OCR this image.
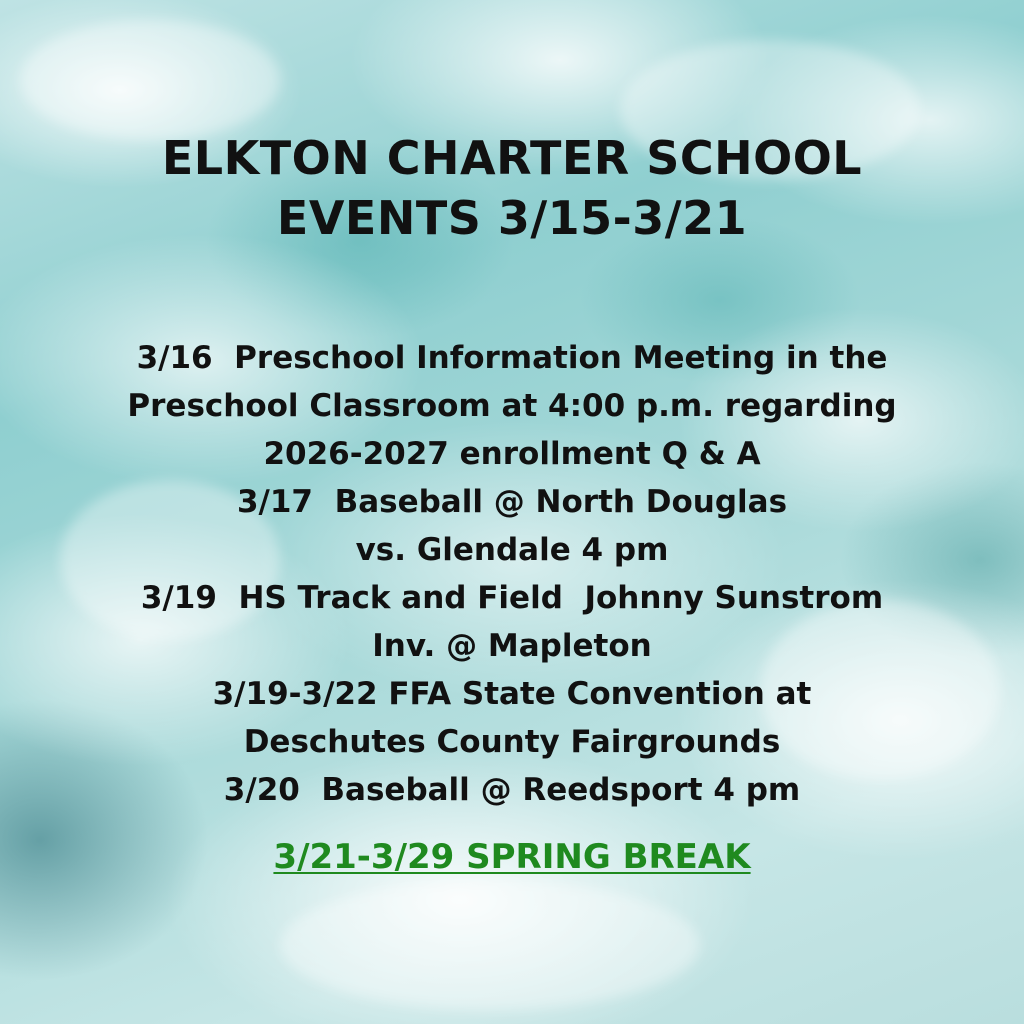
ELKTON CHARTER SCHOOL
EVENTS 3/15-3/21
3/16  Preschool Information Meeting in the
Preschool Classroom at 4:00 p.m. regarding
2026-2027 enrollment Q & A
3/17  Baseball @ North Douglas
vs. Glendale 4 pm
3/19  HS Track and Field  Johnny Sunstrom
Inv. @ Mapleton
3/19-3/22 FFA State Convention at
Deschutes County Fairgrounds
3/20  Baseball @ Reedsport 4 pm

3/21-3/29 SPRING BREAK
